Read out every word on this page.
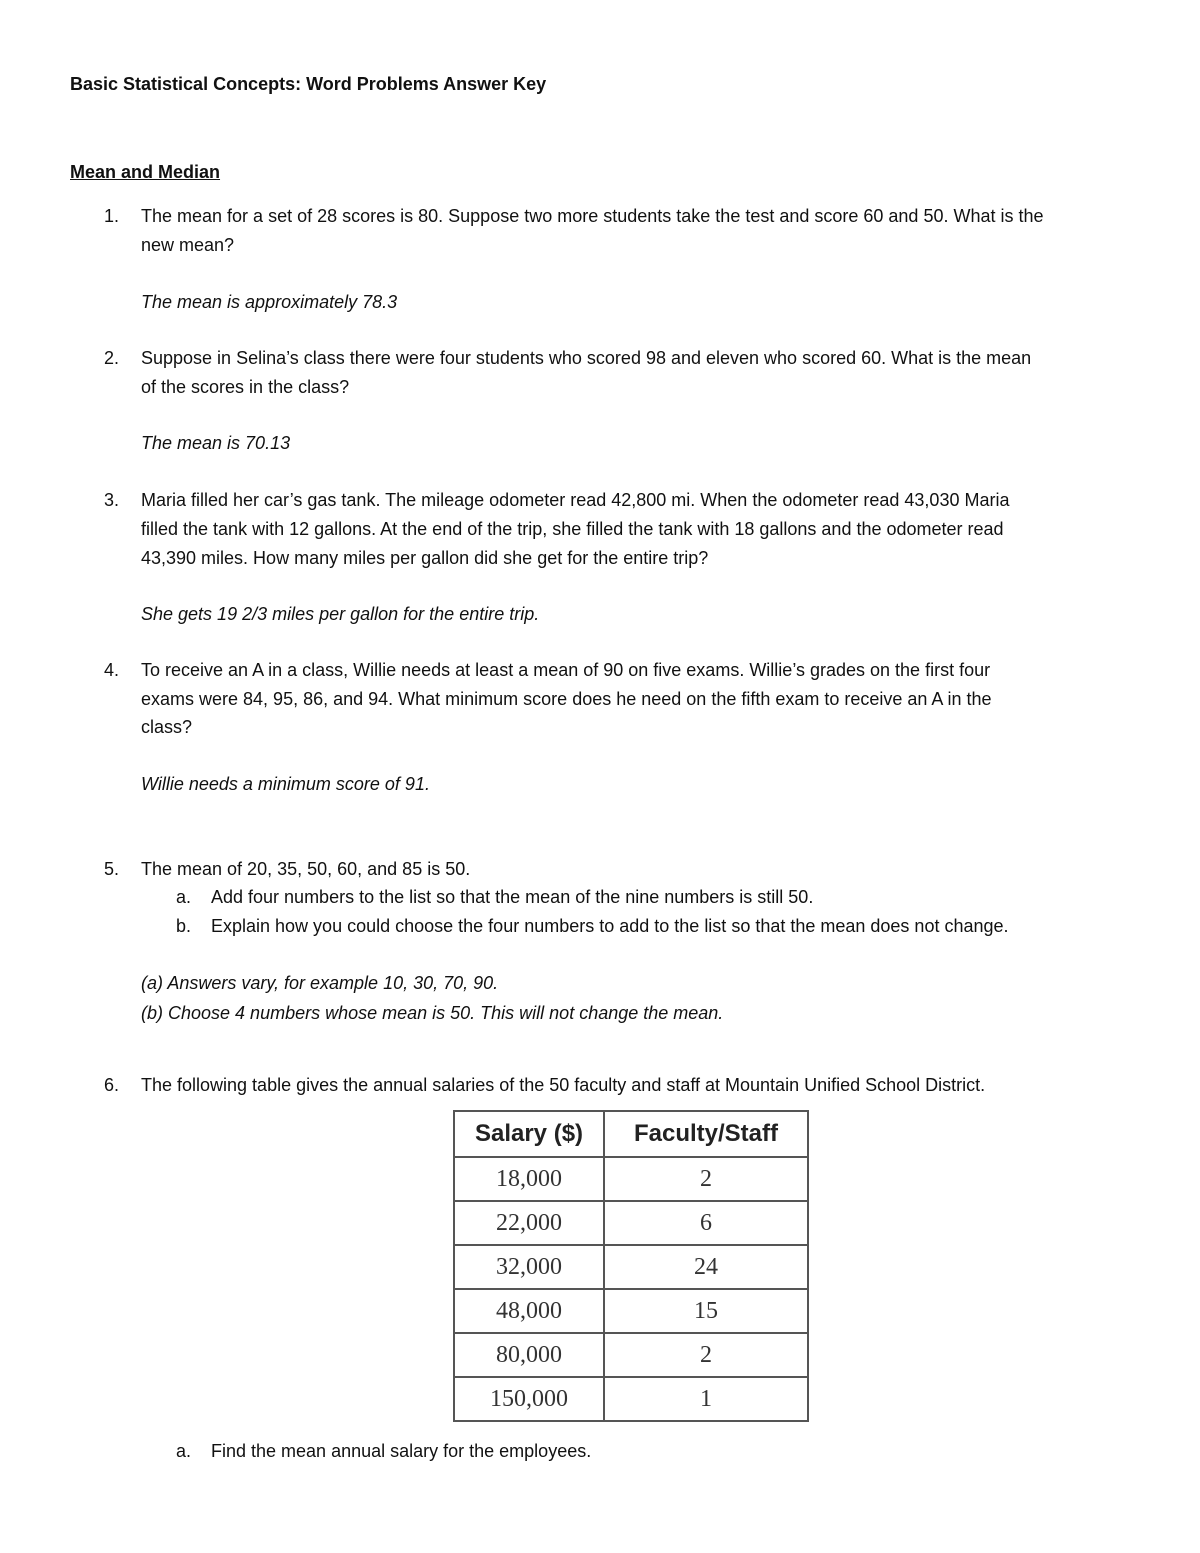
Basic Statistical Concepts: Word Problems Answer Key
Mean and Median
1. The mean for a set of 28 scores is 80. Suppose two more students take the test and score 60 and 50. What is the
new mean?
The mean is approximately 78.3
2. Suppose in Selina’s class there were four students who scored 98 and eleven who scored 60. What is the mean
of the scores in the class?
The mean is 70.13
3. Maria filled her car’s gas tank. The mileage odometer read 42,800 mi. When the odometer read 43,030 Maria
filled the tank with 12 gallons. At the end of the trip, she filled the tank with 18 gallons and the odometer read
43,390 miles. How many miles per gallon did she get for the entire trip?
She gets 19 2/3 miles per gallon for the entire trip.
4. To receive an A in a class, Willie needs at least a mean of 90 on five exams. Willie’s grades on the first four
exams were 84, 95, 86, and 94. What minimum score does he need on the fifth exam to receive an A in the
class?
Willie needs a minimum score of 91.
5. The mean of 20, 35, 50, 60, and 85 is 50.
a. Add four numbers to the list so that the mean of the nine numbers is still 50.
b. Explain how you could choose the four numbers to add to the list so that the mean does not change.
(a) Answers vary, for example 10, 30, 70, 90.
(b) Choose 4 numbers whose mean is 50. This will not change the mean.
6. The following table gives the annual salaries of the 50 faculty and staff at Mountain Unified School District.
Salary ($)	Faculty/Staff
18,000	2
22,000	6
32,000	24
48,000	15
80,000	2
150,000	1
a. Find the mean annual salary for the employees.
